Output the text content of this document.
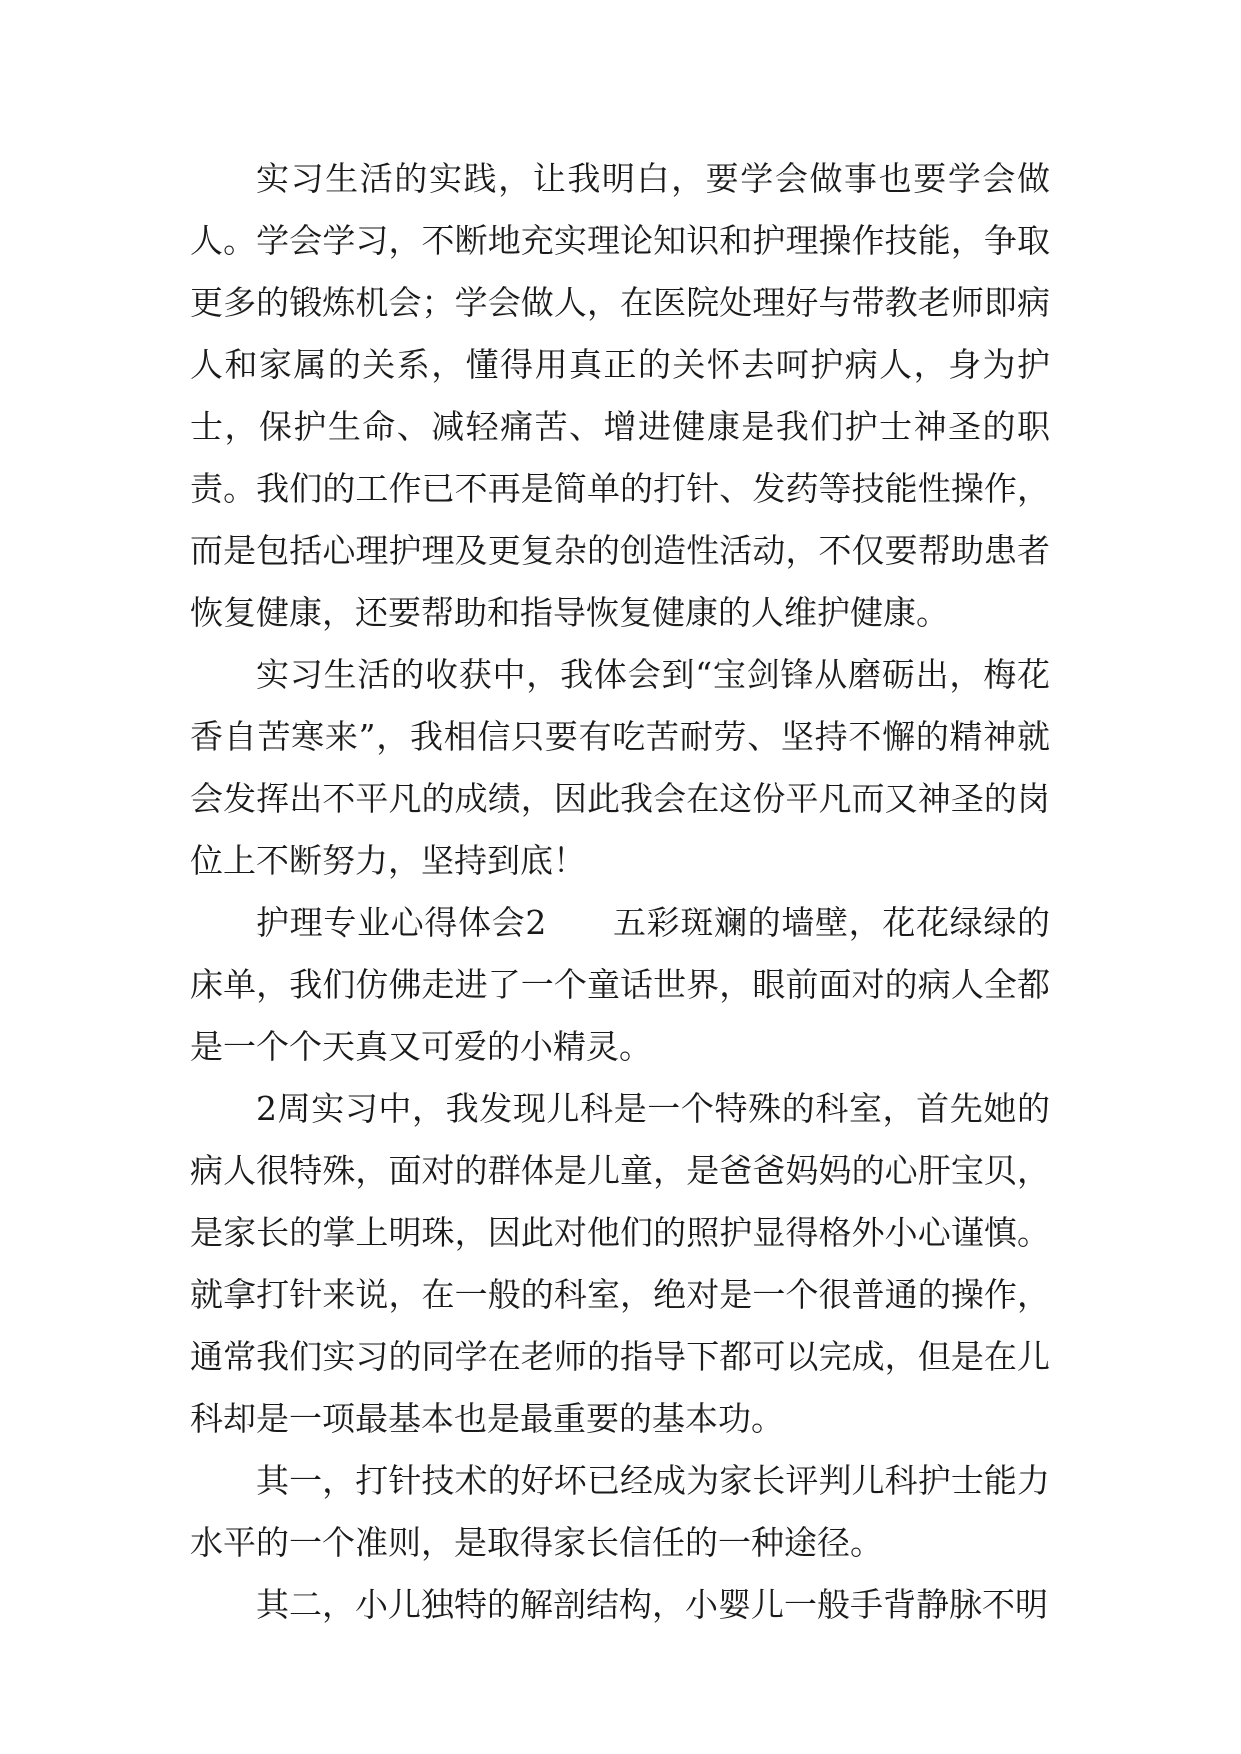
实习生活的实践，让我明白，要学会做事也要学会做人。学会学习，不断地充实理论知识和护理操作技能，争取更多的锻炼机会；学会做人，在医院处理好与带教老师即病人和家属的关系，懂得用真正的关怀去呵护病人，身为护士，保护生命、减轻痛苦、增进健康是我们护士神圣的职责。我们的工作已不再是简单的打针、发药等技能性操作，而是包括心理护理及更复杂的创造性活动，不仅要帮助患者恢复健康，还要帮助和指导恢复健康的人维护健康。

实习生活的收获中，我体会到“宝剑锋从磨砺出，梅花香自苦寒来”，我相信只要有吃苦耐劳、坚持不懈的精神就会发挥出不平凡的成绩，因此我会在这份平凡而又神圣的岗位上不断努力，坚持到底！

护理专业心得体会2 五彩斑斓的墙壁，花花绿绿的床单，我们仿佛走进了一个童话世界，眼前面对的病人全都是一个个天真又可爱的小精灵。

2周实习中，我发现儿科是一个特殊的科室，首先她的病人很特殊，面对的群体是儿童，是爸爸妈妈的心肝宝贝，是家长的掌上明珠，因此对他们的照护显得格外小心谨慎。就拿打针来说，在一般的科室，绝对是一个很普通的操作，通常我们实习的同学在老师的指导下都可以完成，但是在儿科却是一项最基本也是最重要的基本功。

其一，打针技术的好坏已经成为家长评判儿科护士能力水平的一个准则，是取得家长信任的一种途径。

其二，小儿独特的解剖结构，小婴儿一般手背静脉不明
